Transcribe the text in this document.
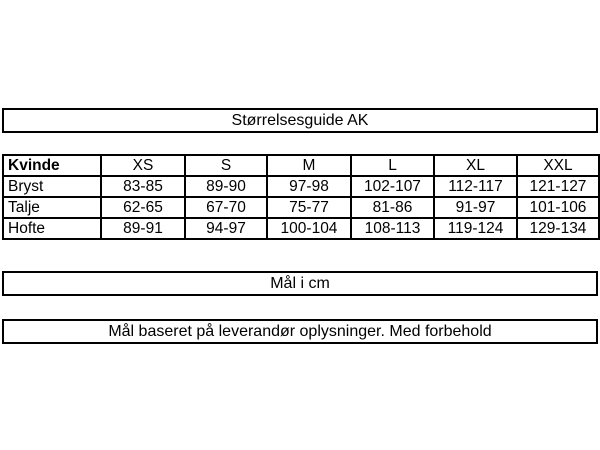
Størrelsesguide AK
Kvinde	XS	S	M	L	XL	XXL
Bryst	83-85	89-90	97-98	102-107	112-117	121-127
Talje	62-65	67-70	75-77	81-86	91-97	101-106
Hofte	89-91	94-97	100-104	108-113	119-124	129-134
Mål i cm
Mål baseret på leverandør oplysninger. Med forbehold
